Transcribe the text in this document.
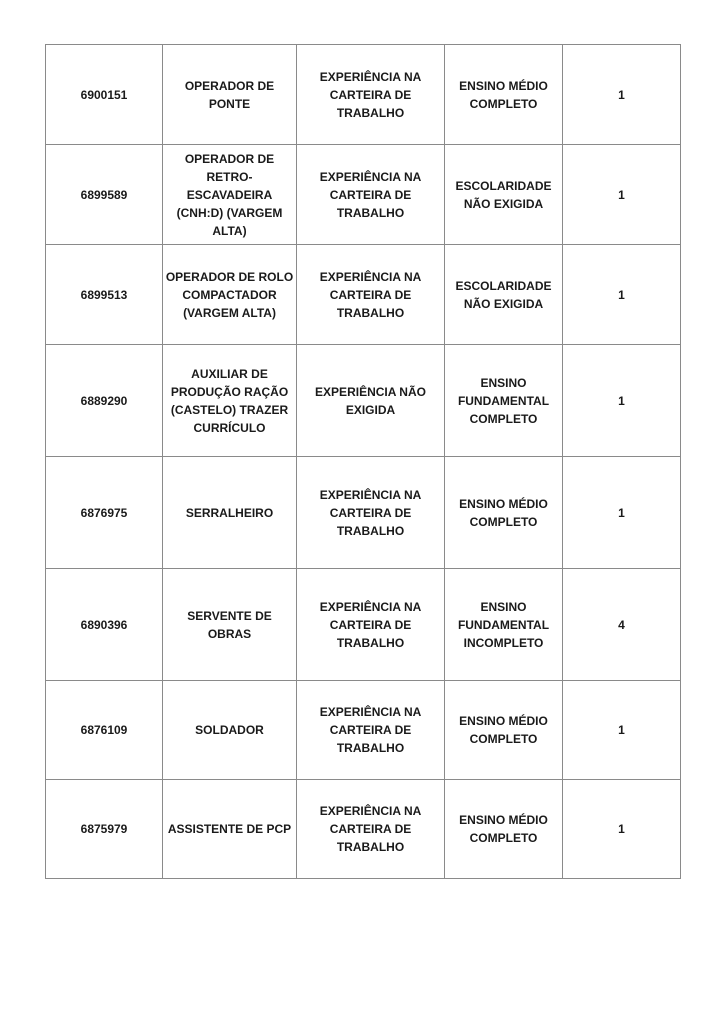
6900151	OPERADOR DE
PONTE	EXPERIÊNCIA NA
CARTEIRA DE
TRABALHO	ENSINO MÉDIO
COMPLETO	1
6899589	OPERADOR DE RETRO-
ESCAVADEIRA
(CNH:D) (VARGEM
ALTA)	EXPERIÊNCIA NA
CARTEIRA DE
TRABALHO	ESCOLARIDADE
NÃO EXIGIDA	1
6899513	OPERADOR DE ROLO
COMPACTADOR
(VARGEM ALTA)	EXPERIÊNCIA NA
CARTEIRA DE
TRABALHO	ESCOLARIDADE
NÃO EXIGIDA	1
6889290	AUXILIAR DE
PRODUÇÃO RAÇÃO
(CASTELO) TRAZER
CURRÍCULO	EXPERIÊNCIA NÃO
EXIGIDA	ENSINO
FUNDAMENTAL
COMPLETO	1
6876975	SERRALHEIRO	EXPERIÊNCIA NA
CARTEIRA DE
TRABALHO	ENSINO MÉDIO
COMPLETO	1
6890396	SERVENTE DE OBRAS	EXPERIÊNCIA NA
CARTEIRA DE
TRABALHO	ENSINO
FUNDAMENTAL
INCOMPLETO	4
6876109	SOLDADOR	EXPERIÊNCIA NA
CARTEIRA DE
TRABALHO	ENSINO MÉDIO
COMPLETO	1
6875979	ASSISTENTE DE PCP	EXPERIÊNCIA NA
CARTEIRA DE
TRABALHO	ENSINO MÉDIO
COMPLETO	1
